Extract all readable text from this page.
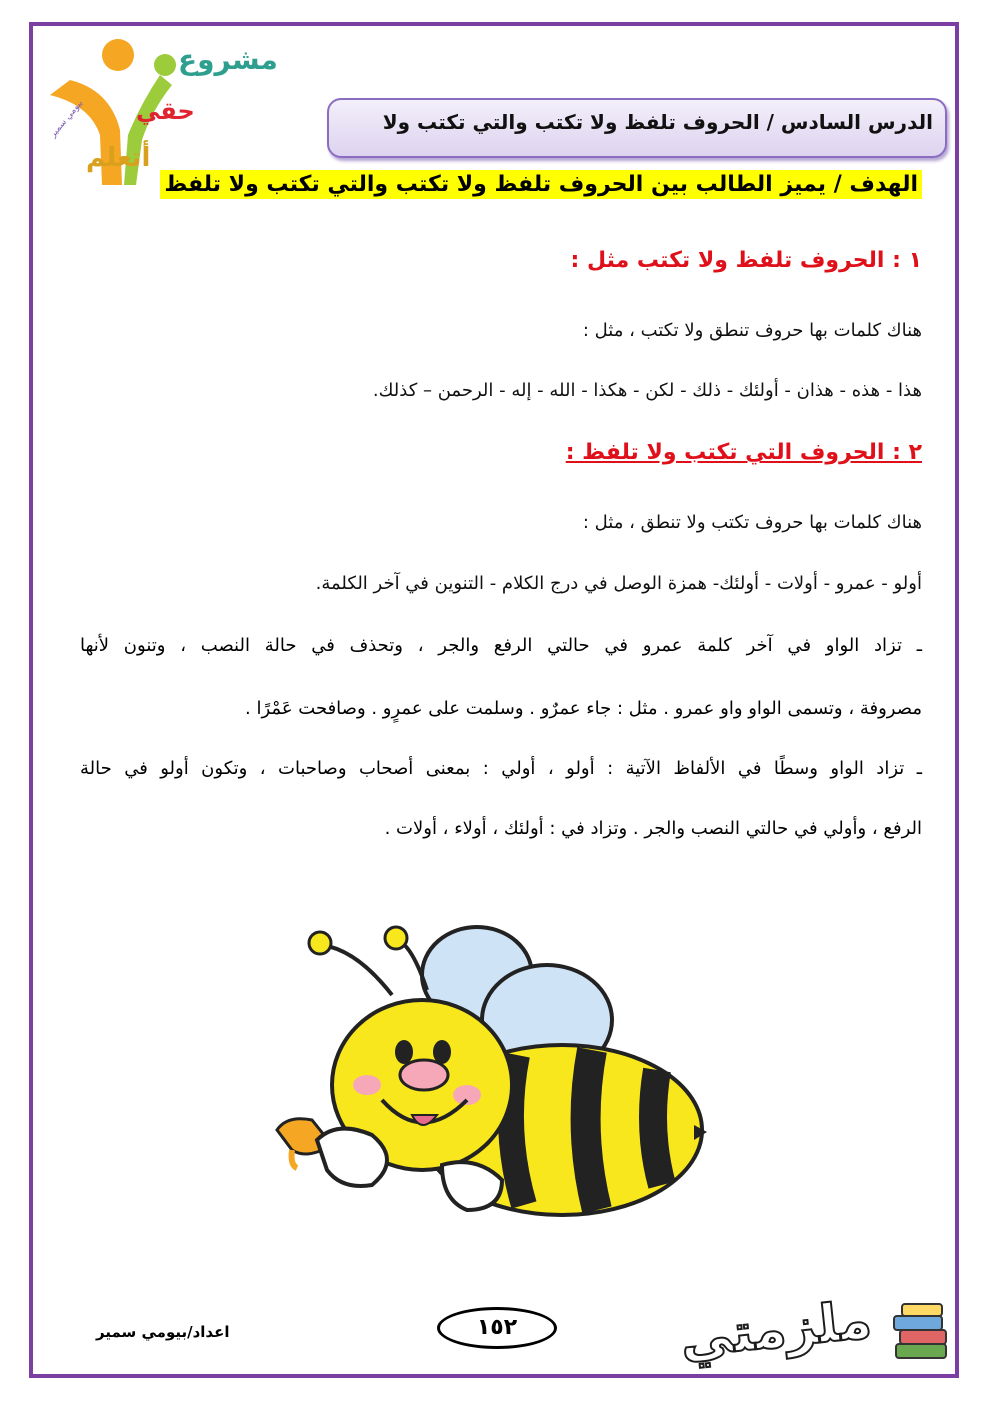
بيومي سمير
مشروع
حقي
أتعلم
الدرس السادس / الحروف تلفظ ولا تكتب والتي تكتب ولا
الهدف / يميز الطالب بين الحروف تلفظ ولا تكتب والتي تكتب ولا تلفظ
١ : الحروف تلفظ ولا تكتب مثل :
هناك كلمات بها حروف تنطق ولا تكتب ، مثل :
هذا - هذه - هذان - أولئك - ذلك - لكن - هكذا - الله - إله - الرحمن – كذلك.
٢ : الحروف التي تكتب ولا تلفظ :
هناك كلمات بها حروف تكتب ولا تنطق ، مثل :
أولو - عمرو - أولات - أولئك- همزة الوصل في درج الكلام - التنوين في آخر الكلمة.
ـ تزاد الواو في آخر كلمة عمرو في حالتي الرفع والجر ، وتحذف في حالة النصب ، وتنون لأنها
مصروفة ، وتسمى الواو واو عمرو . مثل : جاء عمرٌو . وسلمت على عمرٍو . وصافحت عَمْرًا .
ـ تزاد الواو وسطًا في الألفاظ الآتية : أولو ، أولي : بمعنى أصحاب وصاحبات ، وتكون أولو في حالة
الرفع ، وأولي في حالتي النصب والجر . وتزاد في : أولئك ، أولاء ، أولات .
اعداد/بيومي سمير	١٥٢	ملزمتي
